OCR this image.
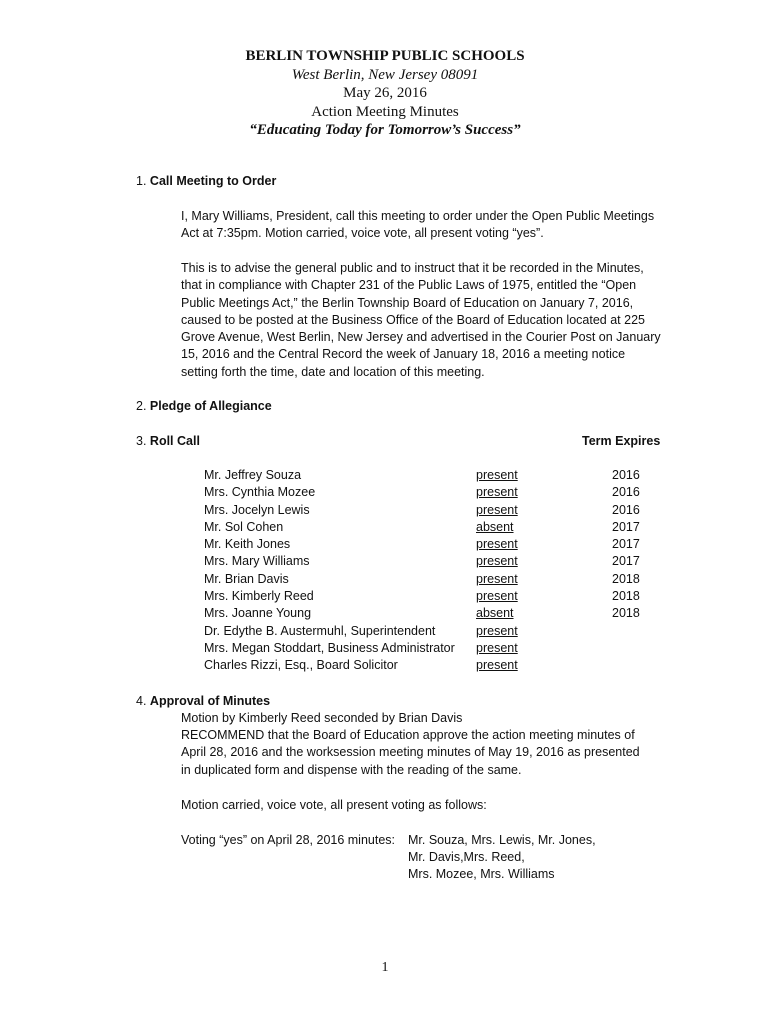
BERLIN TOWNSHIP PUBLIC SCHOOLS
West Berlin, New Jersey 08091
May 26, 2016
Action Meeting Minutes
“Educating Today for Tomorrow’s Success”
1. Call Meeting to Order
I, Mary Williams, President, call this meeting to order under the Open Public Meetings Act at 7:35pm. Motion carried, voice vote, all present voting “yes”.
This is to advise the general public and to instruct that it be recorded in the Minutes, that in compliance with Chapter 231 of the Public Laws of 1975, entitled the “Open Public Meetings Act,” the Berlin Township Board of Education on January 7, 2016, caused to be posted at the Business Office of the Board of Education located at 225 Grove Avenue, West Berlin, New Jersey and advertised in the Courier Post on January 15, 2016 and the Central Record the week of January 18, 2016 a meeting notice setting forth the time, date and location of this meeting.
2. Pledge of Allegiance
3. Roll Call	Term Expires
Mr. Jeffrey Souza	present	2016
Mrs. Cynthia Mozee	present	2016
Mrs. Jocelyn Lewis	present	2016
Mr. Sol Cohen	absent	2017
Mr. Keith Jones	present	2017
Mrs. Mary Williams	present	2017
Mr. Brian Davis	present	2018
Mrs. Kimberly Reed	present	2018
Mrs. Joanne Young	absent	2018
Dr. Edythe B. Austermuhl, Superintendent	present
Mrs. Megan Stoddart, Business Administrator present
Charles Rizzi, Esq., Board Solicitor	present
4. Approval of Minutes
Motion by Kimberly Reed seconded by Brian Davis
RECOMMEND that the Board of Education approve the action meeting minutes of April 28, 2016 and the worksession meeting minutes of May 19, 2016 as presented in duplicated form and dispense with the reading of the same.
Motion carried, voice vote, all present voting as follows:
Voting “yes” on April 28, 2016 minutes: Mr. Souza, Mrs. Lewis, Mr. Jones,
Mr. Davis,Mrs. Reed,
Mrs. Mozee, Mrs. Williams
1
